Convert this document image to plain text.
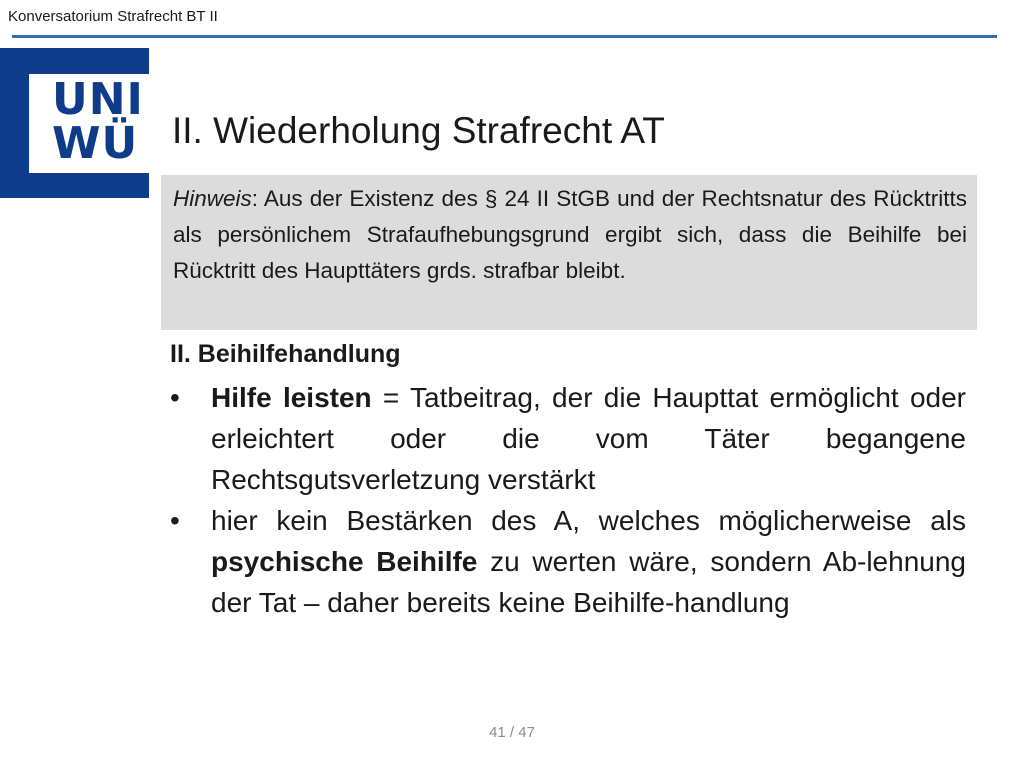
Konversatorium Strafrecht BT II
UNI
WÜ II. Wiederholung Strafrecht AT
Hinweis: Aus der Existenz des § 24 II StGB und der Rechtsnatur des Rücktritts als persönlichem Strafaufhebungsgrund ergibt sich, dass die Beihilfe bei Rücktritt des Haupttäters grds. strafbar bleibt.
II. Beihilfehandlung
• Hilfe leisten = Tatbeitrag, der die Haupttat ermöglicht oder erleichtert oder die vom Täter begangene Rechtsgutsverletzung verstärkt
• hier kein Bestärken des A, welches möglicherweise als psychische Beihilfe zu werten wäre, sondern Ab-lehnung der Tat – daher bereits keine Beihilfe-handlung
41 / 47
